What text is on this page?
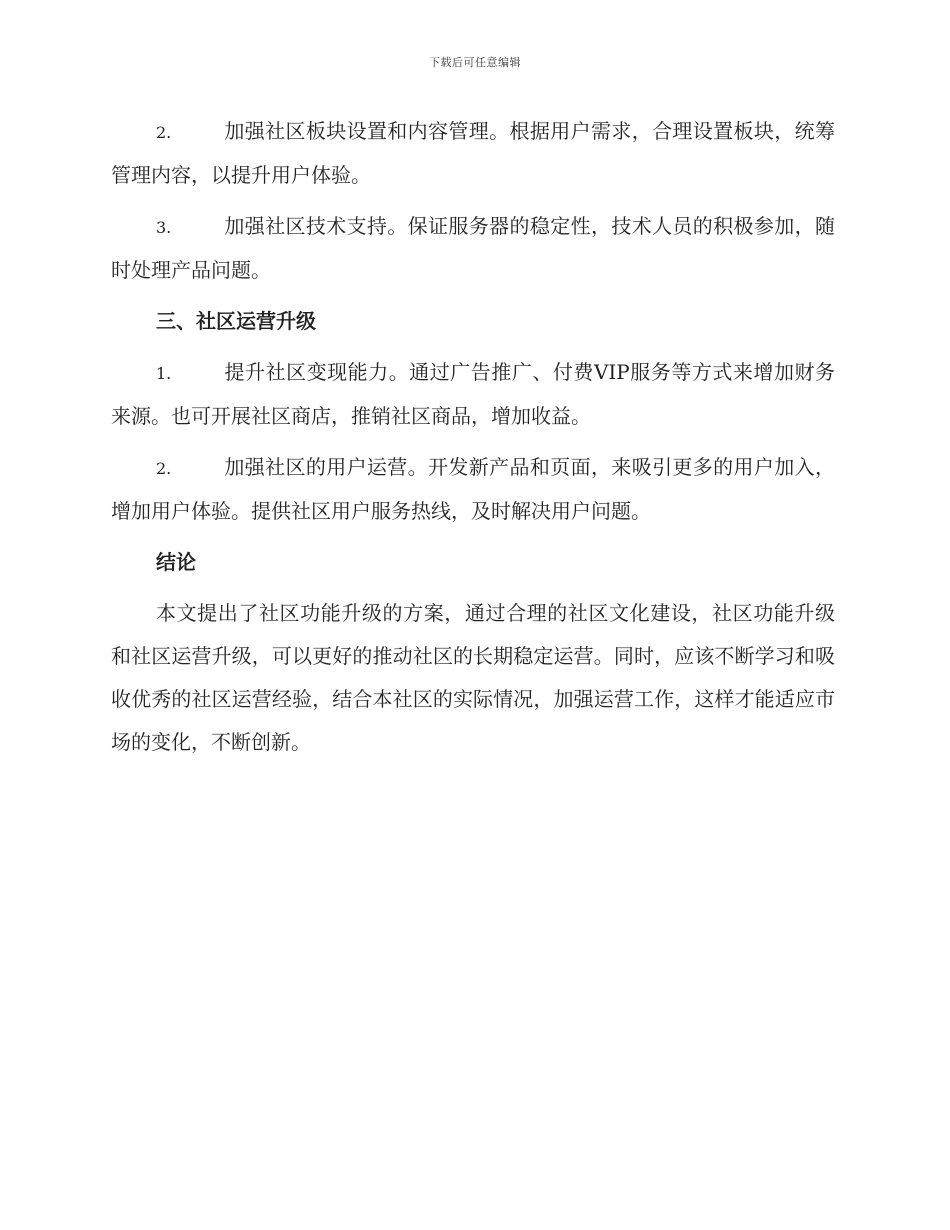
下载后可任意编辑

2.	加强社区板块设置和内容管理。根据用户需求，合理设置板块，统筹管理内容，以提升用户体验。

3.	加强社区技术支持。保证服务器的稳定性，技术人员的积极参加，随时处理产品问题。

三、社区运营升级

1.	提升社区变现能力。通过广告推广、付费VIP服务等方式来增加财务来源。也可开展社区商店，推销社区商品，增加收益。

2.	加强社区的用户运营。开发新产品和页面，来吸引更多的用户加入，增加用户体验。提供社区用户服务热线，及时解决用户问题。

结论

本文提出了社区功能升级的方案，通过合理的社区文化建设，社区功能升级和社区运营升级，可以更好的推动社区的长期稳定运营。同时，应该不断学习和吸收优秀的社区运营经验，结合本社区的实际情况，加强运营工作，这样才能适应市场的变化，不断创新。
